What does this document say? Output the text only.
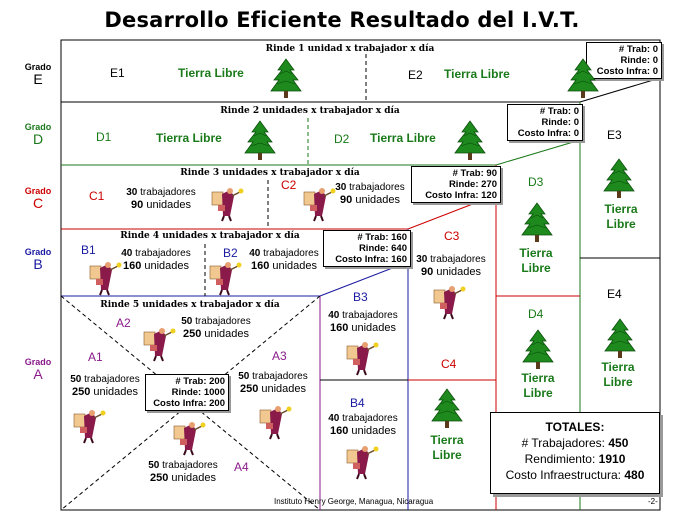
Desarrollo Eficiente Resultado del I.V.T.
Grado
E
Grado
D
Grado
C
Grado
B
Grado
A
Rinde 1 unidad x trabajador x día
Rinde 2 unidades x trabajador x día
Rinde 3 unidades x trabajador x día
Rinde 4 unidades x trabajador x día
Rinde 5 unidades x trabajador x día
E1	E2
E3
E4
D1	D2
D3
D4
C1
C2
C3
C4
B1	B2
B3
B4
A1
A2
A3
A4
Tierra Libre	Tierra Libre
Tierra Libre	Tierra Libre
Tierra
Libre
Tierra
Libre
Tierra
Libre
Tierra
Libre
Tierra
Libre
30 trabajadores
90 unidades
30 trabajadores
90 unidades
30 trabajadores
90 unidades
40 trabajadores
160 unidades
40 trabajadores
160 unidades
40 trabajadores
160 unidades
40 trabajadores
160 unidades
50 trabajadores
250 unidades
50 trabajadores
250 unidades
50 trabajadores
250 unidades
50 trabajadores
250 unidades
# Trab: 0
Rinde: 0
Costo Infra: 0
# Trab: 0
Rinde: 0
Costo Infra: 0
# Trab: 90
Rinde: 270
Costo Infra: 120
# Trab: 160
Rinde: 640
Costo Infra: 160
# Trab: 200
Rinde: 1000
Costo Infra: 200
TOTALES:
# Trabajadores: 450
Rendimiento: 1910
Costo Infraestructura: 480
Instituto Henry George, Managua, Nicaragua	-2-
